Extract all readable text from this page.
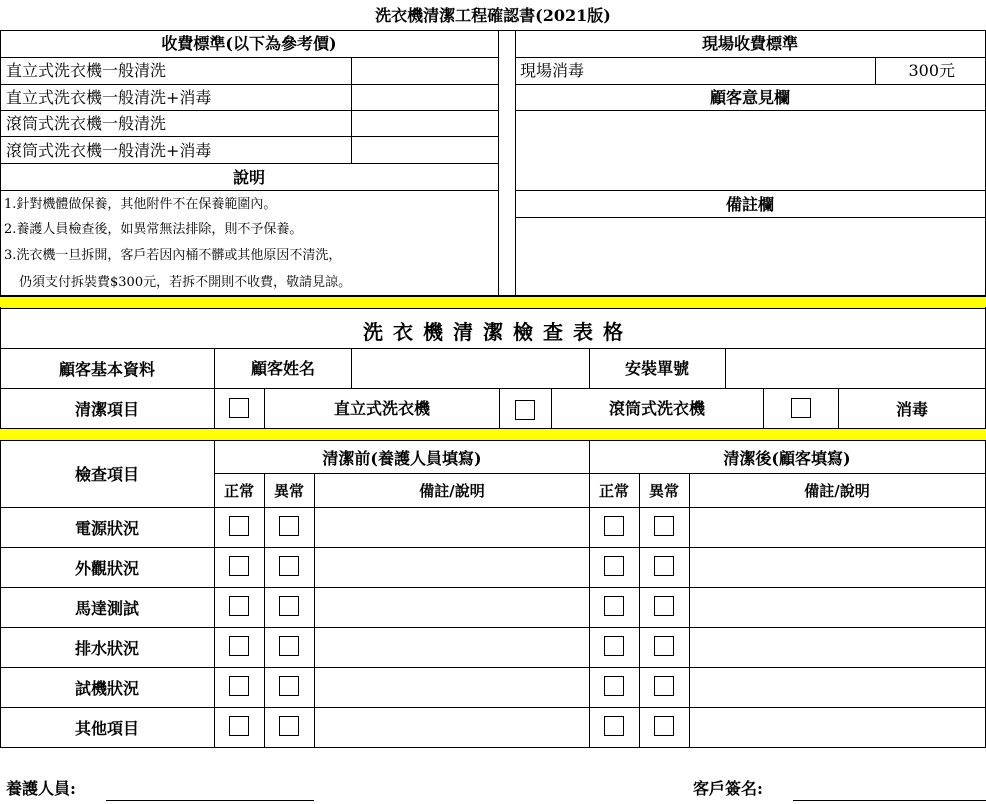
洗衣機清潔工程確認書(2021版)
收費標準(以下為參考價)
直立式洗衣機一般清洗
直立式洗衣機一般清洗+消毒
滾筒式洗衣機一般清洗
滾筒式洗衣機一般清洗+消毒
說明
1.針對機體做保養，其他附件不在保養範圍內。
2.養護人員檢查後，如異常無法排除，則不予保養。
3.洗衣機一旦拆開，客戶若因內桶不髒或其他原因不清洗，
仍須支付拆裝費$300元，若拆不開則不收費，敬請見諒。
現場收費標準
現場消毒	300元
顧客意見欄
備註欄
洗衣機清潔檢查表格
顧客基本資料	顧客姓名	安裝單號
清潔項目	直立式洗衣機	滾筒式洗衣機	消毒
檢查項目
清潔前(養護人員填寫)	清潔後(顧客填寫)
正常 異常	備註/說明	正常 異常	備註/說明
電源狀況
外觀狀況
馬達測試
排水狀況
試機狀況
其他項目
養護人員:	客戶簽名:
